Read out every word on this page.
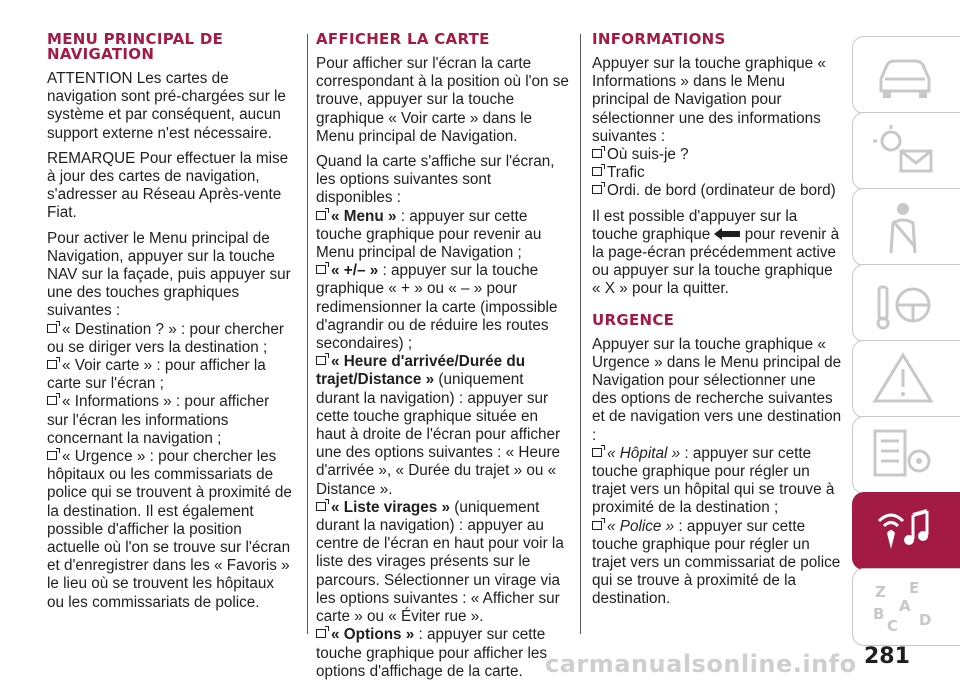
MENU PRINCIPAL DE NAVIGATION

ATTENTION Les cartes de navigation sont pré-chargées sur le système et par conséquent, aucun support externe n'est nécessaire.

REMARQUE Pour effectuer la mise à jour des cartes de navigation, s'adresser au Réseau Après-vente Fiat.

Pour activer le Menu principal de Navigation, appuyer sur la touche NAV sur la façade, puis appuyer sur une des touches graphiques suivantes :

« Destination ? » : pour chercher ou se diriger vers la destination ;
« Voir carte » : pour afficher la carte sur l'écran ;
« Informations » : pour afficher sur l'écran les informations concernant la navigation ;
« Urgence » : pour chercher les hôpitaux ou les commissariats de police qui se trouvent à proximité de la destination. Il est également possible d'afficher la position actuelle où l'on se trouve sur l'écran et d'enregistrer dans les « Favoris » le lieu où se trouvent les hôpitaux ou les commissariats de police.
AFFICHER LA CARTE

Pour afficher sur l'écran la carte correspondant à la position où l'on se trouve, appuyer sur la touche graphique « Voir carte » dans le Menu principal de Navigation.

Quand la carte s'affiche sur l'écran, les options suivantes sont disponibles :

« Menu » : appuyer sur cette touche graphique pour revenir au Menu principal de Navigation ;
« +/– » : appuyer sur la touche graphique « + » ou « – » pour redimensionner la carte (impossible d'agrandir ou de réduire les routes secondaires) ;
« Heure d'arrivée/Durée du trajet/Distance » (uniquement durant la navigation) : appuyer sur cette touche graphique située en haut à droite de l'écran pour afficher une des options suivantes : « Heure d'arrivée », « Durée du trajet » ou « Distance ».
« Liste virages » (uniquement durant la navigation) : appuyer au centre de l'écran en haut pour voir la liste des virages présents sur le parcours. Sélectionner un virage via les options suivantes : « Afficher sur carte » ou « Éviter rue ».
« Options » : appuyer sur cette touche graphique pour afficher les options d'affichage de la carte.
INFORMATIONS

Appuyer sur la touche graphique « Informations » dans le Menu principal de Navigation pour sélectionner une des informations suivantes :

Où suis-je ?
Trafic
Ordi. de bord (ordinateur de bord)

Il est possible d'appuyer sur la touche graphique pour revenir à la page-écran précédemment active ou appuyer sur la touche graphique « X » pour la quitter.

URGENCE

Appuyer sur la touche graphique « Urgence » dans le Menu principal de Navigation pour sélectionner une des options de recherche suivantes et de navigation vers une destination :

« Hôpital » : appuyer sur cette touche graphique pour régler un trajet vers un hôpital qui se trouve à proximité de la destination ;
« Police » : appuyer sur cette touche graphique pour régler un trajet vers un commissariat de police qui se trouve à proximité de la destination.	Z E
A
B
C D
carmanualsonline.info 281
